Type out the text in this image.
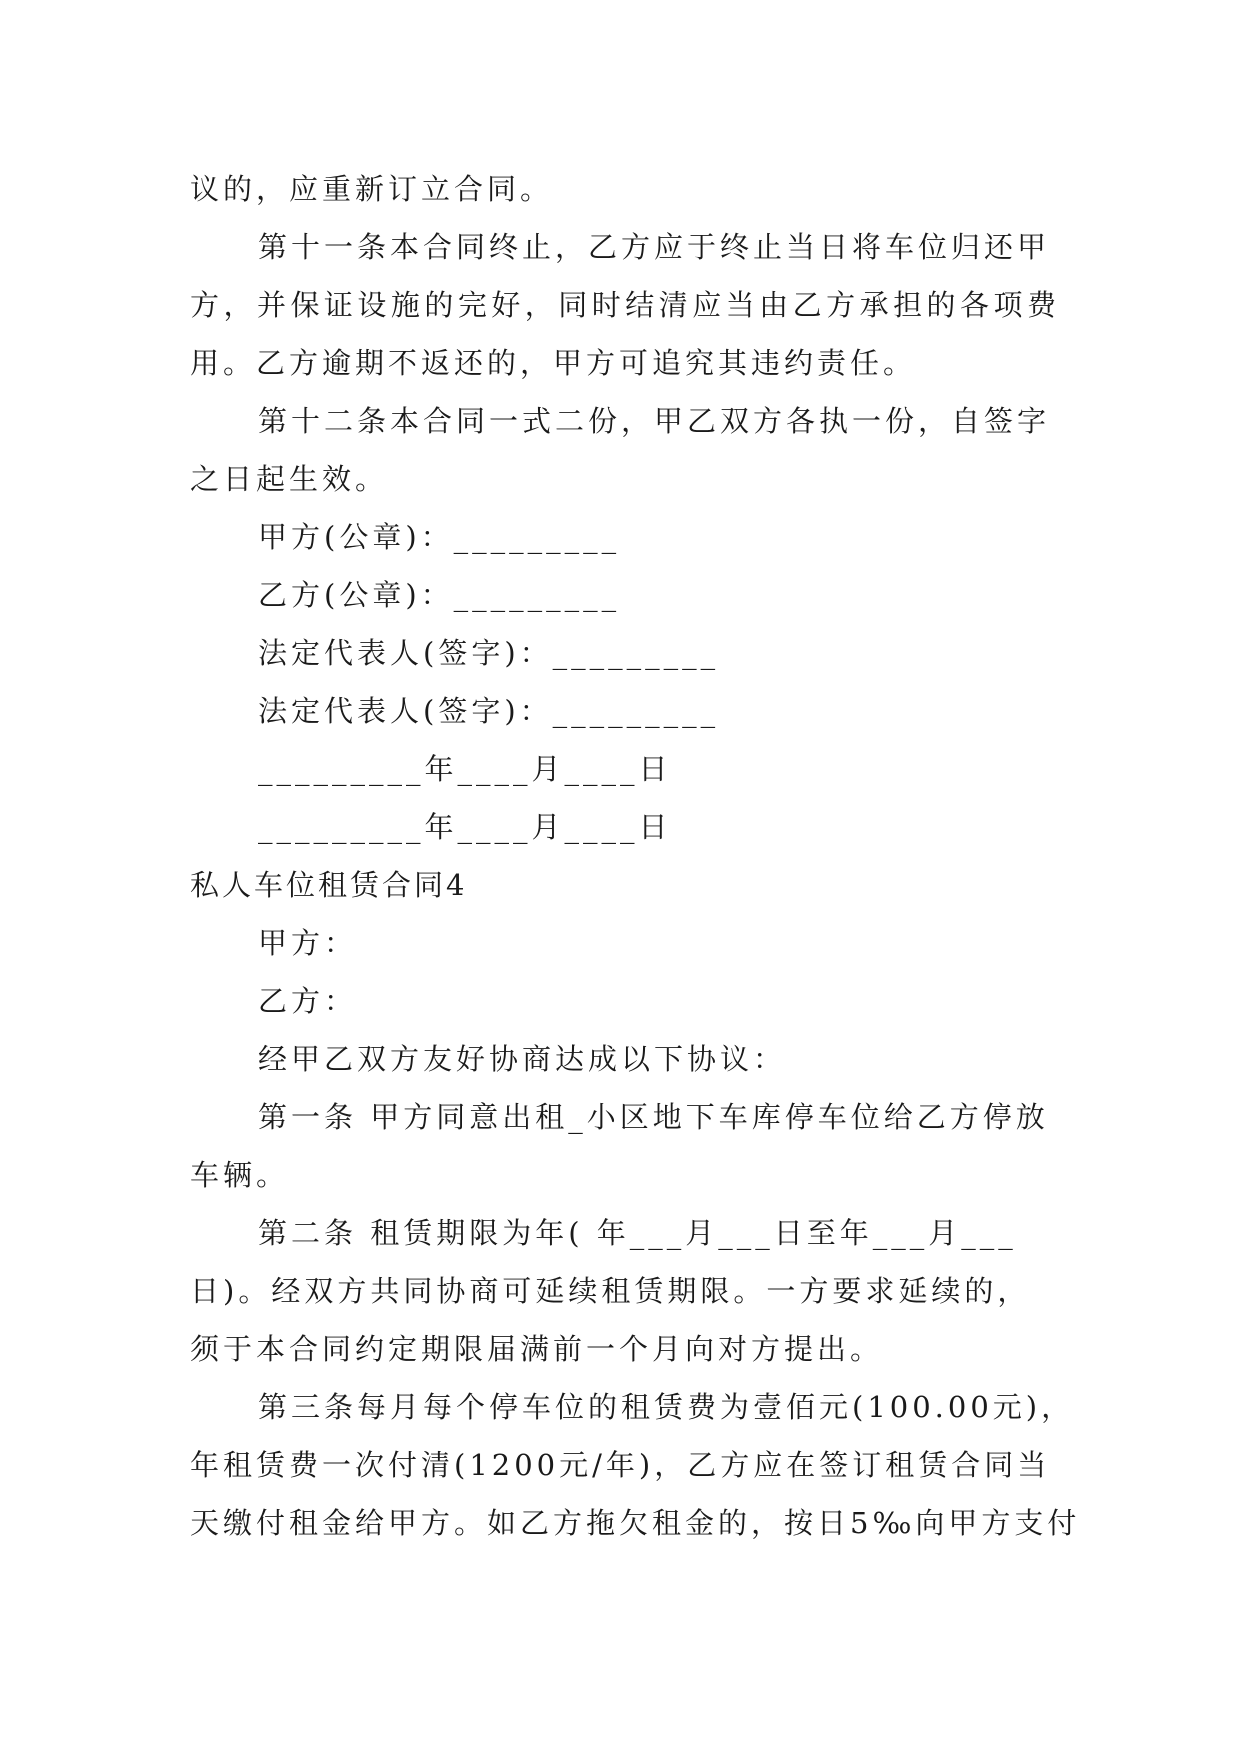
议的，应重新订立合同。

第十一条本合同终止，乙方应于终止当日将车位归还甲

方，并保证设施的完好，同时结清应当由乙方承担的各项费

用。乙方逾期不返还的，甲方可追究其违约责任。

第十二条本合同一式二份，甲乙双方各执一份，自签字

之日起生效。

甲方(公章)：_________

乙方(公章)：_________

法定代表人(签字)：_________

法定代表人(签字)：_________

_________年____月____日

_________年____月____日

私人车位租赁合同4

甲方：

乙方：

经甲乙双方友好协商达成以下协议：

第一条 甲方同意出租_小区地下车库停车位给乙方停放

车辆。

第二条 租赁期限为年( 年___月___日至年___月___

日)。经双方共同协商可延续租赁期限。一方要求延续的，

须于本合同约定期限届满前一个月向对方提出。

第三条每月每个停车位的租赁费为壹佰元(100.00元)，

年租赁费一次付清(1200元/年)，乙方应在签订租赁合同当

天缴付租金给甲方。如乙方拖欠租金的，按日5‰向甲方支付
